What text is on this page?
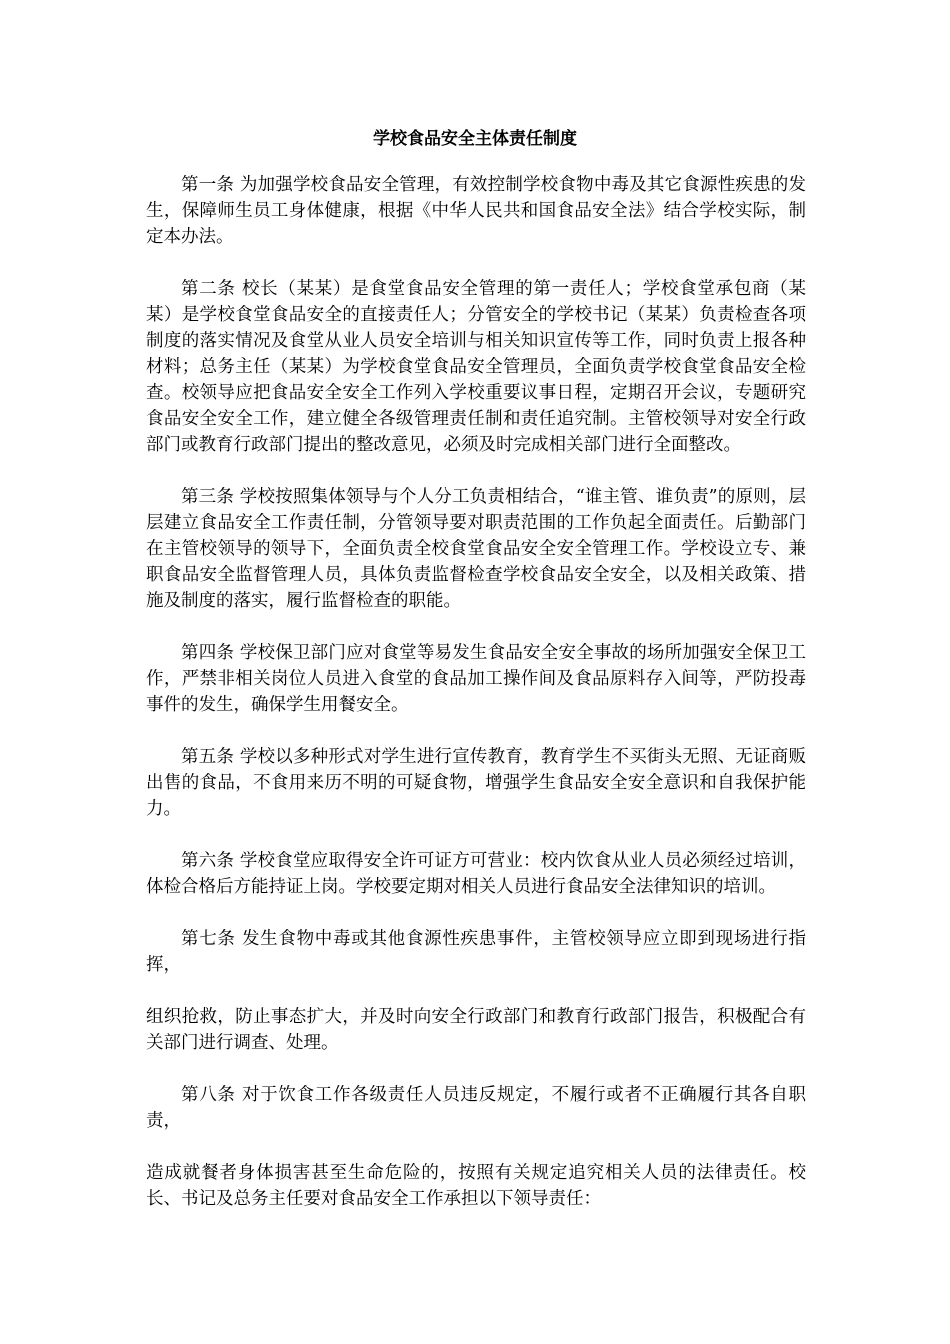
学校食品安全主体责任制度

第一条 为加强学校食品安全管理，有效控制学校食物中毒及其它食源性疾患的发生，保障师生员工身体健康，根据《中华人民共和国食品安全法》结合学校实际，制定本办法。

第二条 校长（某某）是食堂食品安全管理的第一责任人；学校食堂承包商（某某）是学校食堂食品安全的直接责任人；分管安全的学校书记（某某）负责检查各项制度的落实情况及食堂从业人员安全培训与相关知识宣传等工作，同时负责上报各种材料；总务主任（某某）为学校食堂食品安全管理员，全面负责学校食堂食品安全检查。校领导应把食品安全安全工作列入学校重要议事日程，定期召开会议，专题研究食品安全安全工作，建立健全各级管理责任制和责任追究制。主管校领导对安全行政部门或教育行政部门提出的整改意见，必须及时完成相关部门进行全面整改。

第三条 学校按照集体领导与个人分工负责相结合，“谁主管、谁负责”的原则，层层建立食品安全工作责任制，分管领导要对职责范围的工作负起全面责任。后勤部门在主管校领导的领导下，全面负责全校食堂食品安全安全管理工作。学校设立专、兼职食品安全监督管理人员，具体负责监督检查学校食品安全安全，以及相关政策、措施及制度的落实，履行监督检查的职能。

第四条 学校保卫部门应对食堂等易发生食品安全安全事故的场所加强安全保卫工作，严禁非相关岗位人员进入食堂的食品加工操作间及食品原料存入间等，严防投毒事件的发生，确保学生用餐安全。

第五条 学校以多种形式对学生进行宣传教育，教育学生不买街头无照、无证商贩出售的食品，不食用来历不明的可疑食物，增强学生食品安全安全意识和自我保护能力。

第六条 学校食堂应取得安全许可证方可营业：校内饮食从业人员必须经过培训，体检合格后方能持证上岗。学校要定期对相关人员进行食品安全法律知识的培训。

第七条 发生食物中毒或其他食源性疾患事件，主管校领导应立即到现场进行指挥，

组织抢救，防止事态扩大，并及时向安全行政部门和教育行政部门报告，积极配合有关部门进行调查、处理。

第八条 对于饮食工作各级责任人员违反规定，不履行或者不正确履行其各自职责，

造成就餐者身体损害甚至生命危险的，按照有关规定追究相关人员的法律责任。校长、书记及总务主任要对食品安全工作承担以下领导责任：
